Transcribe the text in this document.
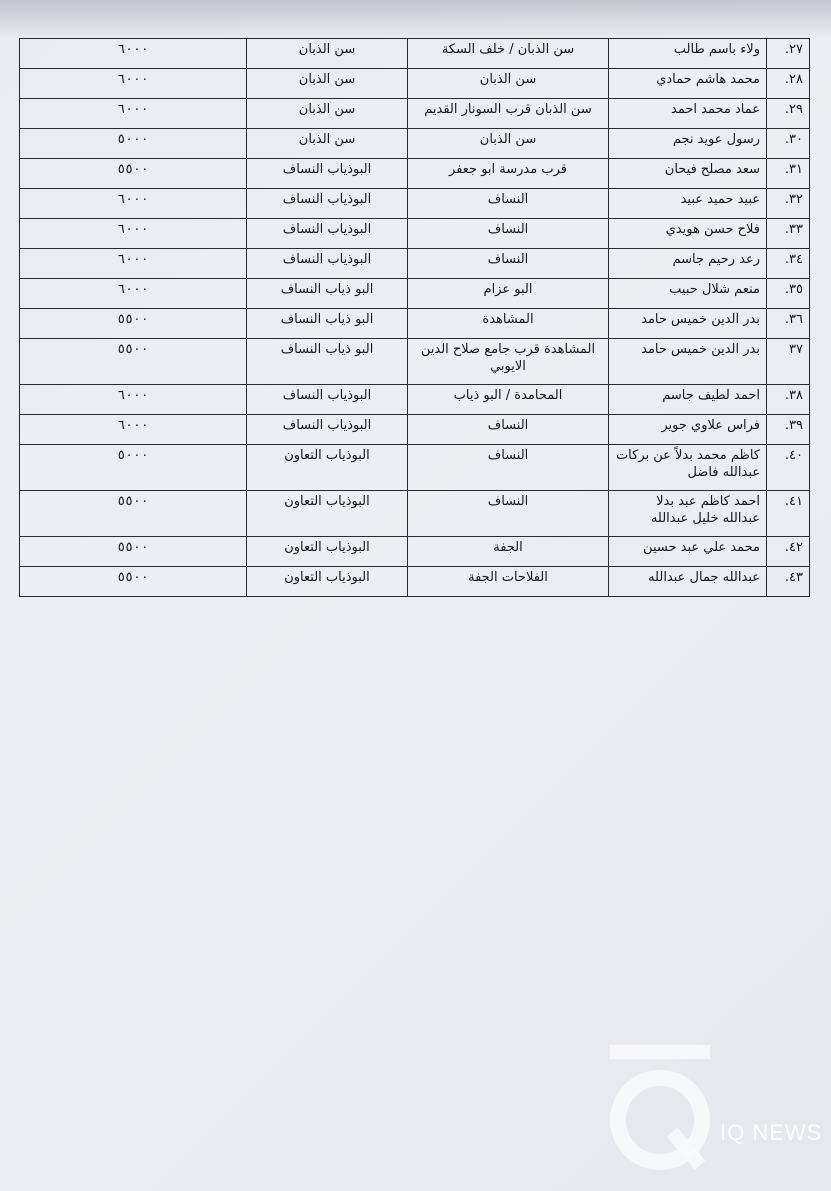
٢٧.	ولاء باسم طالب	سن الذبان / خلف السكة	سن الذبان	٦٠٠٠
٢٨.	محمد هاشم حمادي	سن الذبان	سن الذبان	٦٠٠٠
٢٩.	عماد محمد احمد	سن الذبان قرب السونار القديم	سن الذبان	٦٠٠٠
٣٠.	رسول عويد نجم	سن الذبان	سن الذبان	٥٠٠٠
٣١.	سعد مصلح فيحان	قرب مدرسة ابو جعفر	البوذياب النساف	٥٥٠٠
٣٢.	عبيد حميد عبيد	النساف	البوذياب النساف	٦٠٠٠
٣٣.	فلاح حسن هويدي	النساف	البوذياب النساف	٦٠٠٠
٣٤.	رعد رحيم جاسم	النساف	البوذياب النساف	٦٠٠٠
٣٥.	منعم شلال حبيب	البو عزام	البو ذياب النساف	٦٠٠٠
٣٦.	بدر الدين خميس حامد	المشاهدة	البو ذياب النساف	٥٥٠٠
٣٧	بدر الدين خميس حامد	المشاهدة قرب جامع صلاح الدين الايوبي	البو ذياب النساف	٥٥٠٠
٣٨.	احمد لطيف جاسم	المحامدة / البو ذياب	البوذياب النساف	٦٠٠٠
٣٩.	فراس علاوي جوير	النساف	البوذياب النساف	٦٠٠٠
٤٠.	كاظم محمد بدلاً عن بركات عبدالله فاضل	النساف	البوذياب التعاون	٥٠٠٠
٤١.	احمد كاظم عبد بدلا عبدالله خليل عبدالله	النساف	البوذياب التعاون	٥٥٠٠
٤٢.	محمد علي عبد حسين	الجفة	البوذياب التعاون	٥٥٠٠
٤٣.	عبدالله جمال عبدالله	الفلاحات الجفة	البوذياب التعاون	٥٥٠٠
IQ NEWS
